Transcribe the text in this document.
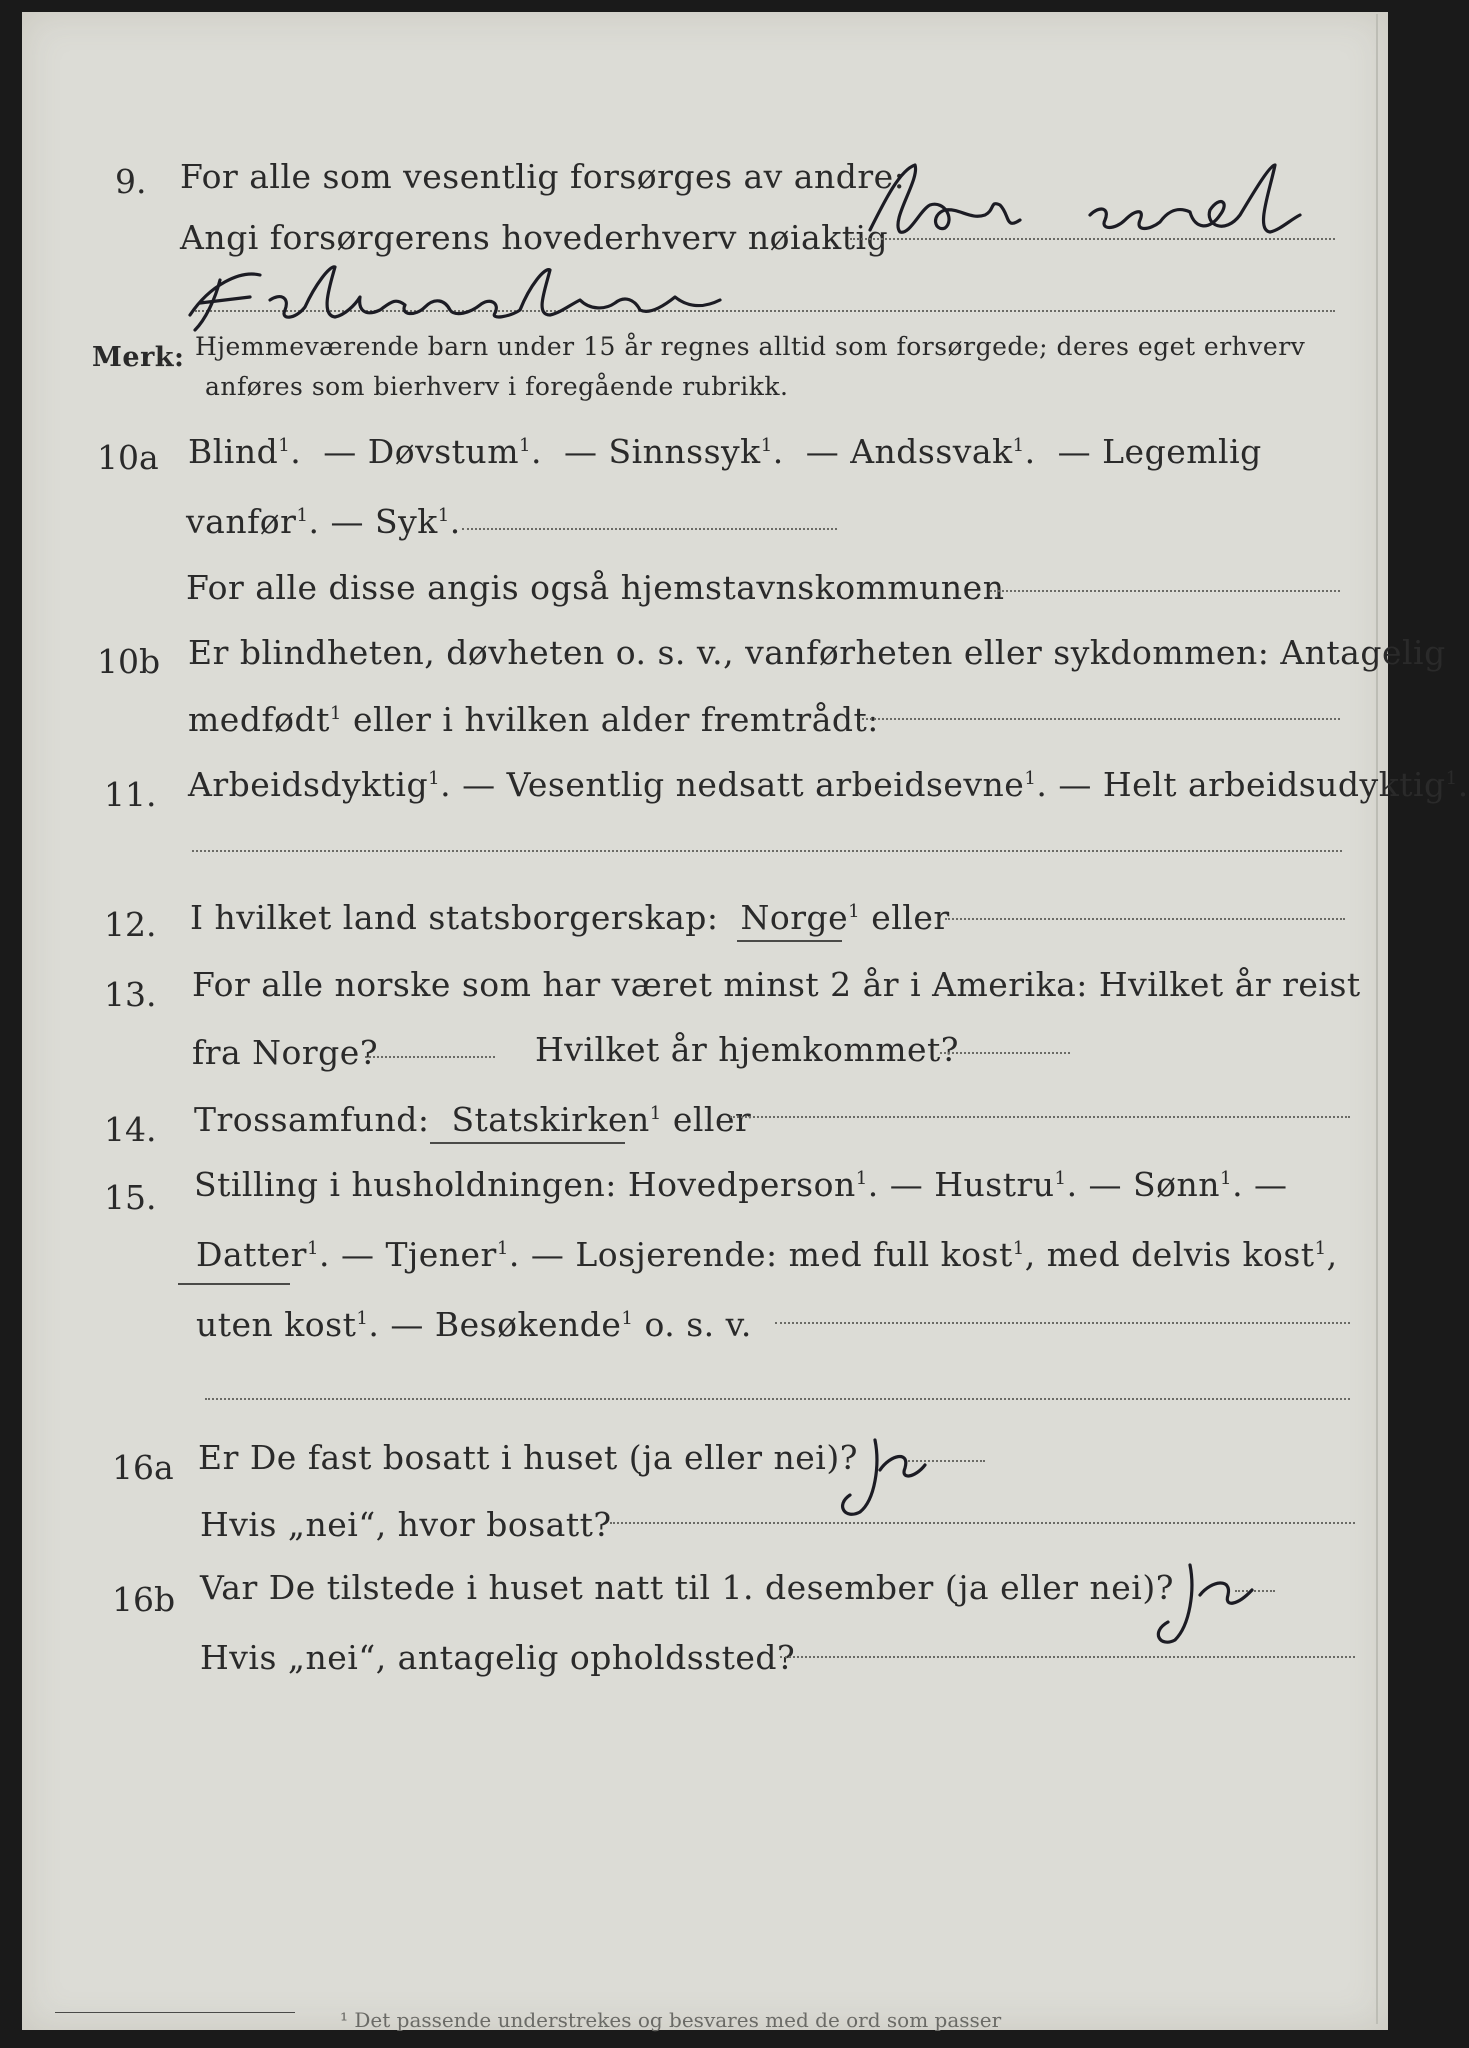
9. For alle som vesentlig forsørges av andre:
Angi forsørgerens hovederhverv nøiaktig
Merk: Hjemmeværende barn under 15 år regnes alltid som forsørgede; deres eget erhverv
anføres som bierhverv i foregående rubrikk.
10a Blind$^1$.  — Døvstum$^1$.  — Sinnssyk$^1$.  — Andssvak$^1$.  — Legemlig
vanfør$^1$. — Syk$^1$.
For alle disse angis også hjemstavnskommunen
10b Er blindheten, døvheten o. s. v., vanførheten eller sykdommen: Antagelig
medfødt$^1$ eller i hvilken alder fremtrådt:
11. Arbeidsdyktig$^1$. — Vesentlig nedsatt arbeidsevne$^1$. — Helt arbeidsudyktig$^1$.
12. I hvilket land statsborgerskap: Norge$^1$ eller
13. For alle norske som har været minst 2 år i Amerika: Hvilket år reist
fra Norge?	Hvilket år hjemkommet?
14. Trossamfund: Statskirken$^1$ eller
15. Stilling i husholdningen: Hovedperson$^1$. — Hustru$^1$. — Sønn$^1$. —
Datter$^1$. — Tjener$^1$. — Losjerende: med full kost$^1$, med delvis kost$^1$,
uten kost$^1$. — Besøkende$^1$ o. s. v.
16a Er De fast bosatt i huset (ja eller nei)?
Hvis „nei“, hvor bosatt?
16b Var De tilstede i huset natt til 1. desember (ja eller nei)?
Hvis „nei“, antagelig opholdssted?
¹ Det passende understrekes og besvares med de ord som passer
